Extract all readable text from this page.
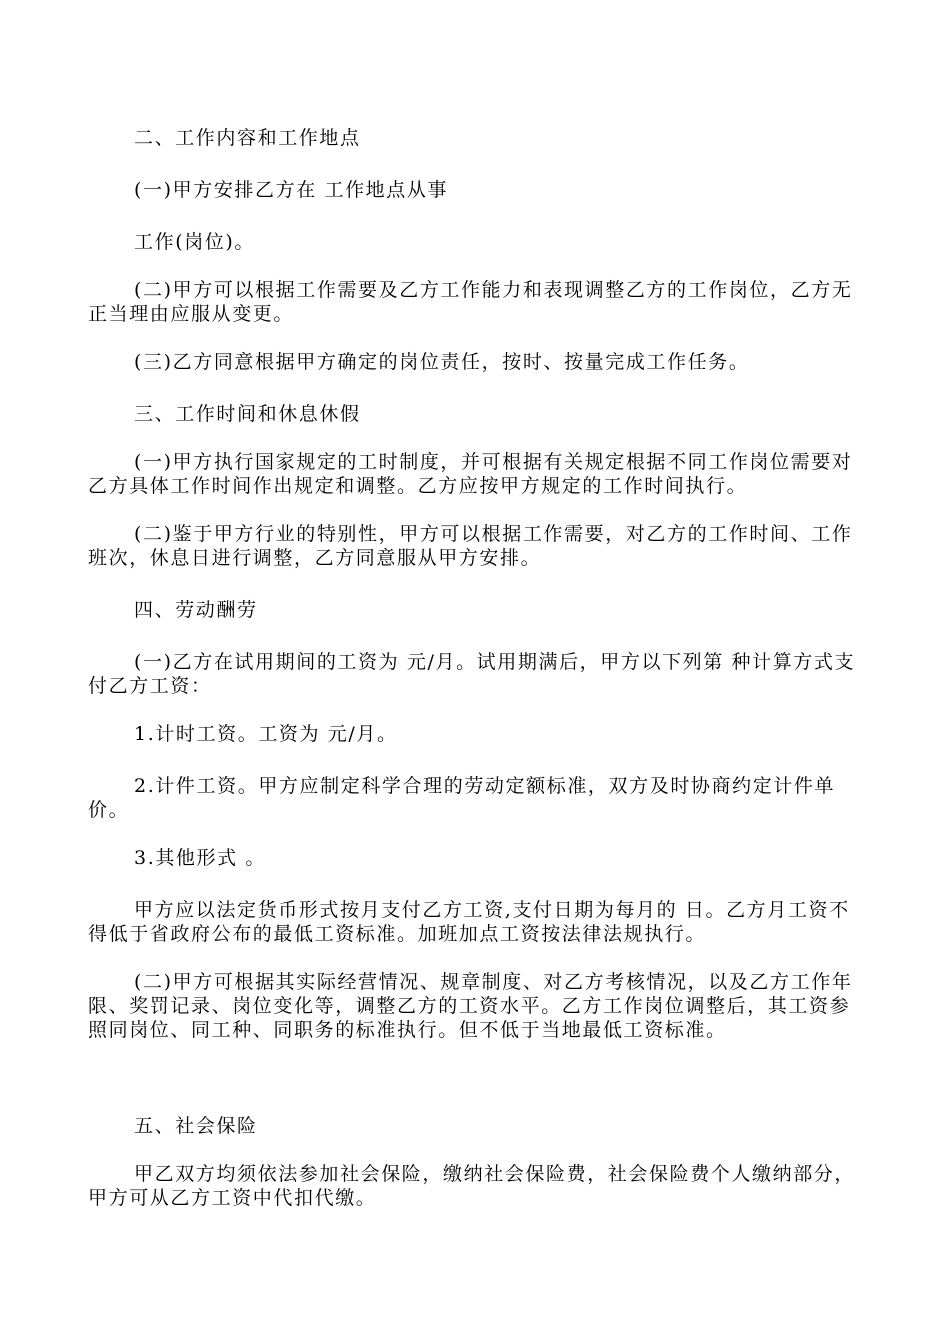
二、工作内容和工作地点

(一)甲方安排乙方在 工作地点从事

工作(岗位)。

(二)甲方可以根据工作需要及乙方工作能力和表现调整乙方的工作岗位，乙方无正当理由应服从变更。

(三)乙方同意根据甲方确定的岗位责任，按时、按量完成工作任务。

三、工作时间和休息休假

(一)甲方执行国家规定的工时制度，并可根据有关规定根据不同工作岗位需要对乙方具体工作时间作出规定和调整。乙方应按甲方规定的工作时间执行。

(二)鉴于甲方行业的特别性，甲方可以根据工作需要，对乙方的工作时间、工作班次，休息日进行调整，乙方同意服从甲方安排。

四、劳动酬劳

(一)乙方在试用期间的工资为 元/月。试用期满后，甲方以下列第 种计算方式支付乙方工资：

1.计时工资。工资为 元/月。

2.计件工资。甲方应制定科学合理的劳动定额标准，双方及时协商约定计件单价。

3.其他形式 。

甲方应以法定货币形式按月支付乙方工资,支付日期为每月的 日。乙方月工资不得低于省政府公布的最低工资标准。加班加点工资按法律法规执行。

(二)甲方可根据其实际经营情况、规章制度、对乙方考核情况，以及乙方工作年限、奖罚记录、岗位变化等，调整乙方的工资水平。乙方工作岗位调整后，其工资参照同岗位、同工种、同职务的标准执行。但不低于当地最低工资标准。

五、社会保险

甲乙双方均须依法参加社会保险，缴纳社会保险费，社会保险费个人缴纳部分，甲方可从乙方工资中代扣代缴。
